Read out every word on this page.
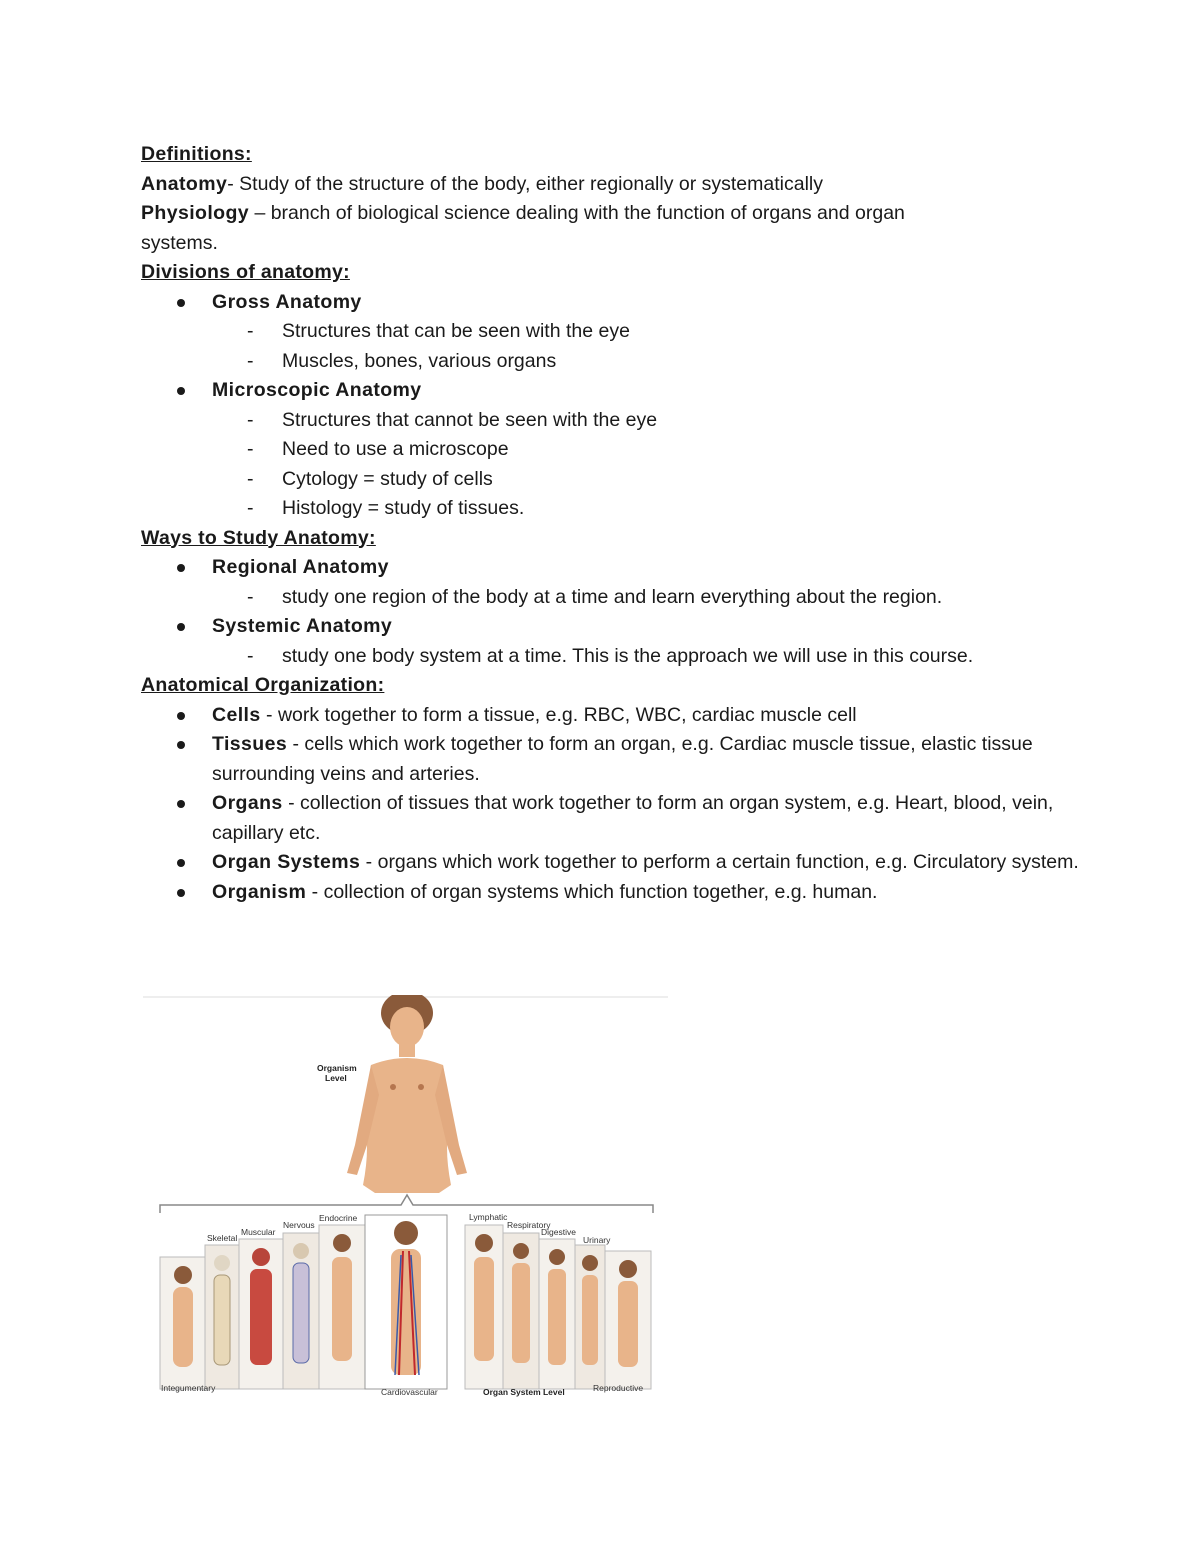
Definitions:
Anatomy- Study of the structure of the body, either regionally or systematically
Physiology – branch of biological science dealing with the function of organs and organ
systems.
Divisions of anatomy:
Gross Anatomy
- Structures that can be seen with the eye
- Muscles, bones, various organs
Microscopic Anatomy
- Structures that cannot be seen with the eye
- Need to use a microscope
- Cytology = study of cells
- Histology = study of tissues.
Ways to Study Anatomy:
Regional Anatomy
- study one region of the body at a time and learn everything about the region.
Systemic Anatomy
- study one body system at a time. This is the approach we will use in this course.
Anatomical Organization:
Cells - work together to form a tissue, e.g. RBC, WBC, cardiac muscle cell
Tissues - cells which work together to form an organ, e.g. Cardiac muscle tissue, elastic tissue surrounding veins and arteries.
Organs - collection of tissues that work together to form an organ system, e.g. Heart, blood, vein, capillary etc.
Organ Systems - organs which work together to perform a certain function, e.g. Circulatory system.
Organism - collection of organ systems which function together, e.g. human.
Organism
Level
Skeletal
Muscular
Nervous
Endocrine	Lymphatic
Respiratory
Digestive
Urinary
Integumentary	Cardiovascular	Organ System Level	Reproductive
